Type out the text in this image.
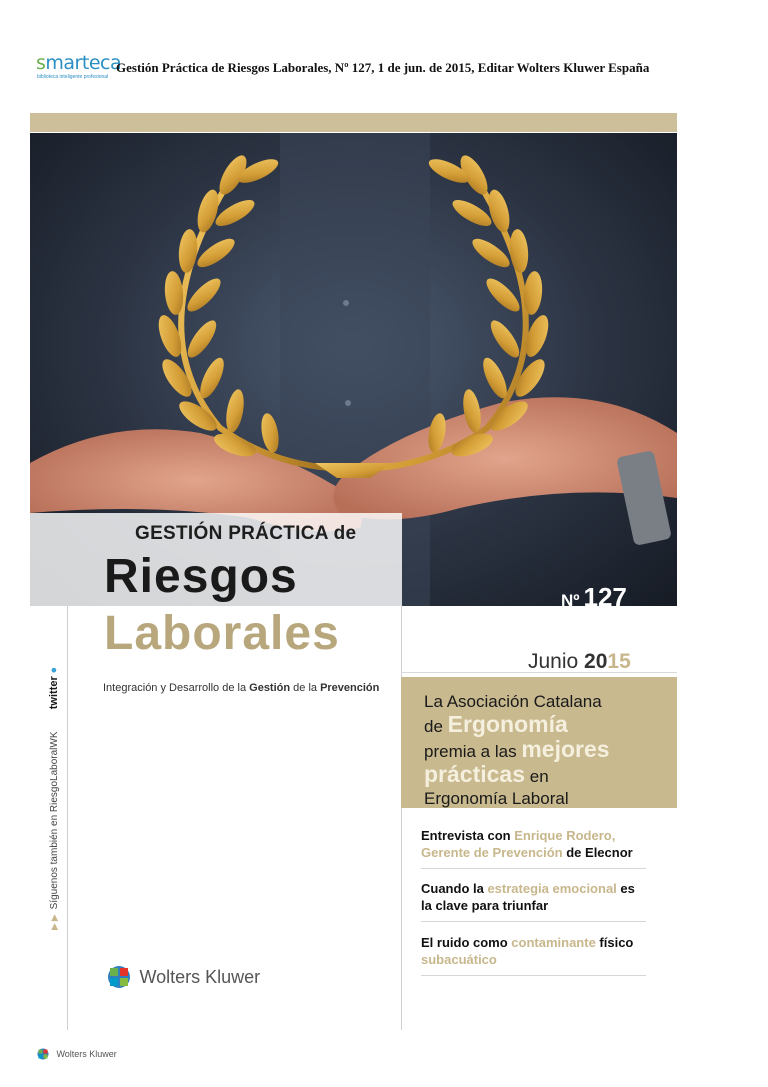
smarteca
biblioteca inteligente profesional
Gestión Práctica de Riesgos Laborales, Nº 127, 1 de jun. de 2015, Editar Wolters Kluwer España
GESTIÓN PRÁCTICA de
Riesgos
Laborales
Nº 127
Junio 2015
Integración y Desarrollo de la Gestión de la Prevención
▶▶ Síguenos también en RiesgoLaboralWK        twitter ●
La Asociación Catalana
de Ergonomía
premia a las mejores
prácticas en
Ergonomía Laboral
Entrevista con Enrique Rodero,
Gerente de Prevención de Elecnor
Cuando la estrategia emocional es
la clave para triunfar
El ruido como contaminante físico
subacuático
Wolters Kluwer
Wolters Kluwer
